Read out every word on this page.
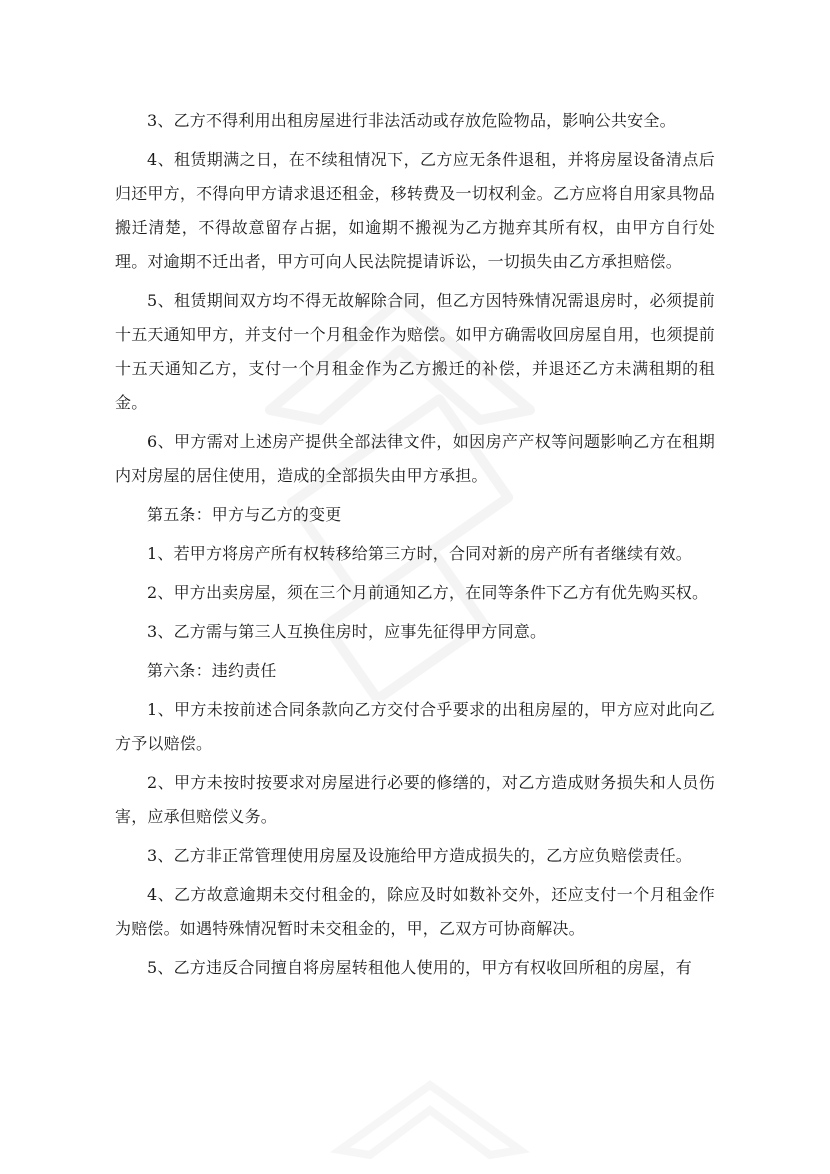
3、乙方不得利用出租房屋进行非法活动或存放危险物品，影响公共安全。

4、租赁期满之日，在不续租情况下，乙方应无条件退租，并将房屋设备清点后归还甲方，不得向甲方请求退还租金，移转费及一切权利金。乙方应将自用家具物品搬迁清楚，不得故意留存占据，如逾期不搬视为乙方抛弃其所有权，由甲方自行处理。对逾期不迁出者，甲方可向人民法院提请诉讼，一切损失由乙方承担赔偿。

5、租赁期间双方均不得无故解除合同，但乙方因特殊情况需退房时，必须提前十五天通知甲方，并支付一个月租金作为赔偿。如甲方确需收回房屋自用，也须提前十五天通知乙方，支付一个月租金作为乙方搬迁的补偿，并退还乙方未满租期的租金。

6、甲方需对上述房产提供全部法律文件，如因房产产权等问题影响乙方在租期内对房屋的居住使用，造成的全部损失由甲方承担。

第五条：甲方与乙方的变更

1、若甲方将房产所有权转移给第三方时，合同对新的房产所有者继续有效。

2、甲方出卖房屋，须在三个月前通知乙方，在同等条件下乙方有优先购买权。

3、乙方需与第三人互换住房时，应事先征得甲方同意。

第六条：违约责任

1、甲方未按前述合同条款向乙方交付合乎要求的出租房屋的，甲方应对此向乙方予以赔偿。

2、甲方未按时按要求对房屋进行必要的修缮的，对乙方造成财务损失和人员伤害，应承但赔偿义务。

3、乙方非正常管理使用房屋及设施给甲方造成损失的，乙方应负赔偿责任。

4、乙方故意逾期未交付租金的，除应及时如数补交外，还应支付一个月租金作为赔偿。如遇特殊情况暂时未交租金的，甲，乙双方可协商解决。

5、乙方违反合同擅自将房屋转租他人使用的，甲方有权收回所租的房屋，有
